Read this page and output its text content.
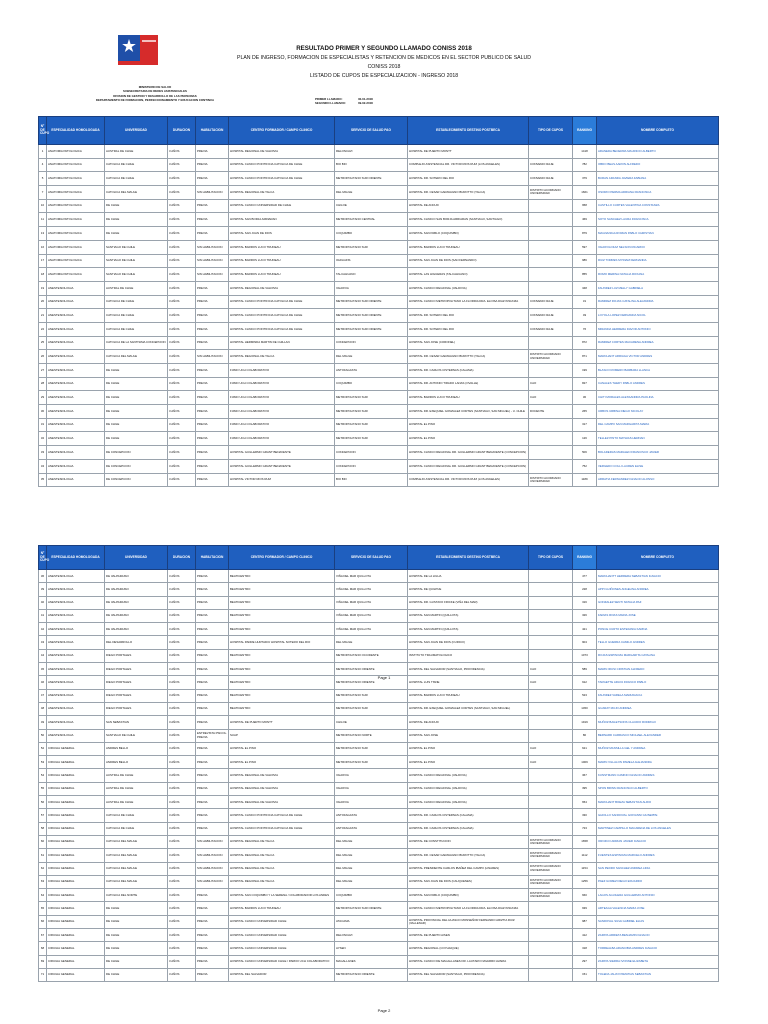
RESULTADO PRIMER Y SEGUNDO LLAMADO CONISS 2018
PLAN DE INGRESO, FORMACION DE ESPECIALISTAS Y RETENCION DE MEDICOS EN EL SECTOR PUBLICO DE SALUD
CONISS 2018
LISTADO DE CUPOS DE ESPECIALIZACION - INGRESO 2018
MINISTERIO DE SALUD
SUBSECRETARIA DE REDES ASISTENCIALES
DIVISION DE GESTION Y DESARROLLO DE LAS PERSONAS
DEPARTAMENTO DE FORMACION, PERFECCIONAMIENTO Y EDUCACION CONTINUA	PRIMER LLAMADO:	30-01-2018
SEGUNDO LLAMADO:	09-02-2018
N° DE CUPO	ESPECIALIDAD HOMOLOGADA	UNIVERSIDAD	DURACION	HABILITACION	CENTRO FORMADOR / CAMPO CLINICO	SERVICIO DE SALUD PAO	ESTABLECIMIENTO DESTINO POSTBECA	TIPO DE CUPOS	RANKING	NOMBRE COMPLETO
1	ANATOMIA PATOLOGICA	AUSTRAL DE CHILE	3 AÑOS	PREVIA	HOSPITAL REGIONAL DE VALDIVIA	RELONCAVI	HOSPITAL DE PUERTO MONTT		1418	ARANEDA BECERRA MAURICIO ALBERTO
4	ANATOMIA PATOLOGICA	CATOLICA DE CHILE	3 AÑOS	PREVIA	HOSPITAL CLINICO PONTIFICIA CATOLICA DE CHILE	BIO BIO	COMPLEJO ASISTENCIAL DR. VICTOR RIOS RUIZ (LOS ANGELES)	CONVENIO RAJE	782	OBDO BEAS AARON ALFREDO
5	ANATOMIA PATOLOGICA	CATOLICA DE CHILE	3 AÑOS	PREVIA	HOSPITAL CLINICO PONTIFICIA CATOLICA DE CHILE	METROPOLITANO SUR ORIENTE	HOSPITAL DR. SOTERO DEL RIO	CONVENIO RAJE	379	BURAN ARANDA JAVIERA FABIANA
7	ANATOMIA PATOLOGICA	CATOLICA DEL MAULE	3 AÑOS	SIN HABILITACION	HOSPITAL REGIONAL DE TALCA	DEL MAULE	HOSPITAL DR. CESAR GARAVAGNO BUROTTO (TALCA)	DISTRITO ACORDADO UNIVERSIDAD	1661	OSORIO PERMA ADRIANA FRANCISCA
10	ANATOMIA PATOLOGICA	DE CHILE	3 AÑOS	PREVIA	HOSPITAL CLINICO UNIVERSIDAD DE CHILE	CHILOE	HOSPITAL DE ANCUD		958	CASTILLO CURTES VALENTINA CONSTANZA
11	ANATOMIA PATOLOGICA	DE CHILE	3 AÑOS	PREVIA	HOSPITAL SAN BORJA ARRIARAN	METROPOLITANO CENTRAL	HOSPITAL CLINICO SAN BORJA ARRIARAN (SANTIAGO, SANTIAGO)		469	SOTO SANCHEZ LAURA FRANCISCA
13	ANATOMIA PATOLOGICA	DE CHILE	3 AÑOS	PREVIA	HOSPITAL SAN JUAN DE DIOS	COQUIMBO	HOSPITAL SAN PABLO (COQUIMBO)		879	MAGNANIGA ROMAN PABLO CHRISTIAN
16	ANATOMIA PATOLOGICA	SANTIAGO DE CHILE	3 AÑOS	SIN HABILITACION	HOSPITAL BARROS LUCO TRUDEAU	METROPOLITANO SUR	HOSPITAL BARROS LUCO TRUDEAU		597	VALDIVIA DIAZ NELSON RICARDO
17	ANATOMIA PATOLOGICA	SANTIAGO DE CHILE	3 AÑOS	SIN HABILITACION	HOSPITAL BARROS LUCO TRUDEAU	OHIGGINS	HOSPITAL SAN JUAN DE DIOS (SAN FERNANDO)		986	RUIZ TORRES MYRIAM FERNANDA
18	ANATOMIA PATOLOGICA	SANTIAGO DE CHILE	3 AÑOS	SIN HABILITACION	HOSPITAL BARROS LUCO TRUDEAU	TALCAHUANO	HOSPITAL LAS HIGUERAS (TALCAHUANO)		855	ROMO MERINA NATALIA ROXANA
19	ANESTESIOLOGIA	AUSTRAL DE CHILE	3 AÑOS	PREVIA	HOSPITAL REGIONAL DE VALDIVIA	VALDIVIA	HOSPITAL CLINICO REGIONAL (VALDIVIA)		348	FAUNDEZ LUZ MELLY GABRIELA
20	ANESTESIOLOGIA	CATOLICA DE CHILE	3 AÑOS	PREVIA	HOSPITAL CLINICO PONTIFICIA CATOLICA DE CHILE	METROPOLITANO SUR ORIENTE	HOSPITAL CLINICO METROPOLITANO LA FLORIDA DRA. ELOISA DIAZ INSUNZA	CONVENIO RAJE	31	RAMIREZ ROJAS CATALINA ALEJANDRA
21	ANESTESIOLOGIA	CATOLICA DE CHILE	3 AÑOS	PREVIA	HOSPITAL CLINICO PONTIFICIA CATOLICA DE CHILE	METROPOLITANO SUR ORIENTE	HOSPITAL DR. SOTERO DEL RIO	CONVENIO RAJE	49	LOYOLA LOPEZ FERNANDA NICOL
22	ANESTESIOLOGIA	CATOLICA DE CHILE	3 AÑOS	PREVIA	HOSPITAL CLINICO PONTIFICIA CATOLICA DE CHILE	METROPOLITANO SUR ORIENTE	HOSPITAL DR. SOTERO DEL RIO	CONVENIO RAJE	76	MIRANDA HERRERA DAVOR ANTONIO
25	ANESTESIOLOGIA	CATOLICA DE LA SANTISIMA CONCEPCION	3 AÑOS	PREVIA	HOSPITAL HERMINDA MARTIN DE CHILLAN	CONCEPCION	HOSPITAL SAN JOSE (CORONEL)		872	RAMIREZ CORTES MACARENA ANDREA
26	ANESTESIOLOGIA	CATOLICA DEL MAULE	3 AÑOS	SIN HABILITACION	HOSPITAL REGIONAL DE TALCA	DEL MAULE	HOSPITAL DR. CESAR GARAVAGNO BUROTTO (TALCA)	DISTRITO ACORDADO UNIVERSIDAD	871	MARCHANT ARRIAGA VICTOR ANDRES
27	ANESTESIOLOGIA	DE CHILE	3 AÑOS	PREVIA	FIJMO UCH COLABORATIVO	ANTOFAGASTA	HOSPITAL DR. CARLOS CISTERNAS (CALAMA)		199	BLASCO ROMERO BARBARA LLANCA
28	ANESTESIOLOGIA	DE CHILE	3 AÑOS	PREVIA	FIJMO UCH COLABORATIVO	COQUIMBO	HOSPITAL DR. ANTONIO TIRADO LANAS (OVALLE)	CAO	827	CANALES THEDY PABLO ANDRES
29	ANESTESIOLOGIA	DE CHILE	3 AÑOS	PREVIA	FIJMO UCH COLABORATIVO	METROPOLITANO SUR	HOSPITAL BARROS LUCO TRUDEAU	CAO	30	CHITI MORALES ALESSANDRA PAOLINA
30	ANESTESIOLOGIA	DE CHILE	3 AÑOS	PREVIA	FIJMO UCH COLABORATIVO	METROPOLITANO SUR	HOSPITAL DR. EXEQUIEL GONZALEZ CORTES (SANTIAGO, SAN MIGUEL) - U. CHILE	DOCENTE	265	URBOS URBINA DIEGO NICOLAY
31	ANESTESIOLOGIA	DE CHILE	3 AÑOS	PREVIA	FIJMO UCH COLABORATIVO	METROPOLITANO SUR	HOSPITAL EL PINO		317	DEL CAMPO SAN MARGARITA MARIA
32	ANESTESIOLOGIA	DE CHILE	3 AÑOS	PREVIA	FIJMO UCH COLABORATIVO	METROPOLITANO SUR	HOSPITAL EL PINO		126	TELLEZ PINTO MATHIAS HERNAN
33	ANESTESIOLOGIA	DE CONCEPCION	3 AÑOS	PREVIA	HOSPITAL GUILLERMO GRANT BENAVENTE	CONCEPCION	HOSPITAL CLINICO REGIONAL DR. GUILLERMO GRANT BENAVENTE (CONCEPCION)		506	BOLADERAS MARALEN FRANCISCO JAVIER
34	ANESTESIOLOGIA	DE CONCEPCION	3 AÑOS	PREVIA	HOSPITAL GUILLERMO GRANT BENAVENTE	CONCEPCION	HOSPITAL CLINICO REGIONAL DR. GUILLERMO GRANT BENAVENTE (CONCEPCION)		752	VERGEDO COLLI LAUREN ELISE
35	ANESTESIOLOGIA	DE CONCEPCION	3 AÑOS	PREVIA	HOSPITAL VICTOR RIOS RUIZ	BIO BIO	COMPLEJO ASISTENCIAL DR. VICTOR RIOS RUIZ (LOS ANGELES)	DISTRITO ACORDADO UNIVERSIDAD	1189	ARRATIA FERNANDEZ IGNACIO ALONSO
Page 1
N° DE CUPO	ESPECIALIDAD HOMOLOGADA	UNIVERSIDAD	DURACION	HABILITACION	CENTRO FORMADOR / CAMPO CLINICO	SERVICIO DE SALUD PAO	ESTABLECIMIENTO DESTINO POSTBECA	TIPO DE CUPOS	RANKING	NOMBRE COMPLETO
36	ANESTESIOLOGIA	DE VALPARAISO	3 AÑOS	PREVIA	BEATICENTRO	VIÑA DEL MAR QUILLOTA	HOSPITAL DE LA LIGUA		477	MARCHANTT HERRERA SEBASTIAN IGNACIO
39	ANESTESIOLOGIA	DE VALPARAISO	3 AÑOS	PREVIA	BEATICENTRO	VIÑA DEL MAR QUILLOTA	HOSPITAL DE QUILPUE		228	APPI GUIÑONES ANGELINA ANDREA
40	ANESTESIOLOGIA	DE VALPARAISO	3 AÑOS	PREVIA	BEATICENTRO	VIÑA DEL MAR QUILLOTA	HOSPITAL DR. GUSTAVO FRICKE (VIÑA DEL MAR)		316	GONZALEZ SENTI NATALIA PAZ
41	ANESTESIOLOGIA	DE VALPARAISO	3 AÑOS	PREVIA	BEATICENTRO	VIÑA DEL MAR QUILLOTA	HOSPITAL SAN MARTIN (QUILLOTA)		326	FARIAS RIVAS MARIA JOSE
42	ANESTESIOLOGIA	DE VALPARAISO	3 AÑOS	PREVIA	BEATICENTRO	VIÑA DEL MAR QUILLOTA	HOSPITAL SAN MARTIN (QUILLOTA)		421	PONCE CURTO ESTEFANIA KARINA
43	ANESTESIOLOGIA	DEL DESARROLLO	3 AÑOS	PREVIA	HOSPITAL PADRE HURTADO/ HOSPITAL SOTERO DEL RIO	DEL MAULE	HOSPITAL SAN JUAN DE DIOS (CURICO)		904	TELLO GUERRA CAMILO ANDRES
44	ANESTESIOLOGIA	DIEGO PORTALES	3 AÑOS	PREVIA	BEATICENTRO	METROPOLITANO OCCIDENTE	INSTITUTO TRAUMATOLOGICO		1073	ROJAS ESPINOZA MARGARITA CATALINA
45	ANESTESIOLOGIA	DIEGO PORTALES	3 AÑOS	PREVIA	BEATICENTRO	METROPOLITANO ORIENTE	HOSPITAL DEL SALVADOR (SANTIAGO, PROVIDENCIA)	CAO	589	MARIN IRUSI CRISTIAN ALFREDO
46	ANESTESIOLOGIA	DIEGO PORTALES	3 AÑOS	PREVIA	BEATICENTRO	METROPOLITANO ORIENTE	HOSPITAL LUIS TISNE	CAO	912	TARGETTE ARAYA FRANCO PABLO
47	ANESTESIOLOGIA	DIEGO PORTALES	3 AÑOS	PREVIA	BEATICENTRO	METROPOLITANO SUR	HOSPITAL BARROS LUCO TRUDEAU		523	FAUNDEZ VARELA MARIANACIA
48	ANESTESIOLOGIA	DIEGO PORTALES	3 AÑOS	PREVIA	BEATICENTRO	METROPOLITANO SUR	HOSPITAL DR. EXEQUIEL GONZALEZ CORTES (SANTIAGO, SAN MIGUEL)		1450	GUARAT MUJO ANDREA
49	ANESTESIOLOGIA	SAN SEBASTIAN	3 AÑOS	PREVIA	HOSPITAL DE PUERTO MONTT	CHILOE	HOSPITAL DE ANCUD		1919	MUÑOZ BAILETSONS CLAUDIO RODRIGO
50	ANESTESIOLOGIA	SANTIAGO DE CHILE	3 AÑOS	ENTREVISTA PSICOL. PREVIA	SUAP	METROPOLITANO NORTE	HOSPITAL SAN JOSE		80	BERNARD CARRASCO MICHAEL ALEXANDER
52	CIRUGIA GENERAL	ANDRES BELLO	3 AÑOS	PREVIA	HOSPITAL EL PINO	METROPOLITANO SUR	HOSPITAL EL PINO	CAO	621	MUÑOZ MANSILLA GEL Y ANDREA
53	CIRUGIA GENERAL	ANDRES BELLO	3 AÑOS	PREVIA	HOSPITAL EL PINO	METROPOLITANO SUR	HOSPITAL EL PINO	CAO	1009	MARIN VILLALON PAMELA ALEJANDRA
54	CIRUGIA GENERAL	AUSTRAL DE CHILE	3 AÑOS	PREVIA	HOSPITAL REGIONAL DE VALDIVIA	VALDIVIA	HOSPITAL CLINICO REGIONAL (VALDIVIA)		367	KUNSTMANN CAMINO IGNACIO ANDRES
55	CIRUGIA GENERAL	AUSTRAL DE CHILE	3 AÑOS	PREVIA	HOSPITAL REGIONAL DE VALDIVIA	VALDIVIA	HOSPITAL CLINICO REGIONAL (VALDIVIA)		395	SPON BRINS FRANCISCO ALBERTO
56	CIRUGIA GENERAL	AUSTRAL DE CHILE	3 AÑOS	PREVIA	HOSPITAL REGIONAL DE VALDIVIA	VALDIVIA	HOSPITAL CLINICO REGIONAL (VALDIVIA)		654	MARCHANT BOEZA SEBASTIAN ALRIO
57	CIRUGIA GENERAL	CATOLICA DE CHILE	3 AÑOS	PREVIA	HOSPITAL CLINICO PONTIFICIA CATOLICA DE CHILE	ANTOFAGASTA	HOSPITAL DR. CARLOS CISTERNAS (CALAMA)		330	GHIOLLO SANDOVAL GIOVANNI GIUSEPPE
58	CIRUGIA GENERAL	CATOLICA DE CHILE	3 AÑOS	PREVIA	HOSPITAL CLINICO PONTIFICIA CATOLICA DE CHILE	ANTOFAGASTA	HOSPITAL DR. CARLOS CISTERNAS (CALAMA)		723	MARTINEZ CAMPILLO MACARENA DE LOS ANGELES
60	CIRUGIA GENERAL	CATOLICA DEL MAULE	3 AÑOS	SIN HABILITACION	HOSPITAL REGIONAL DE TALCA	DEL MAULE	HOSPITAL DE CONSTITUCION	DISTRITO ACORDADO UNIVERSIDAD	1658	OROZCO ADRIAN JAVIER IGNACIO
61	CIRUGIA GENERAL	CATOLICA DEL MAULE	3 AÑOS	SIN HABILITACION	HOSPITAL REGIONAL DE TALCA	DEL MAULE	HOSPITAL DR. CESAR GARAVAGNO BUROTTO (TALCA)	DISTRITO ACORDADO UNIVERSIDAD	1112	FUENTES ESPINOZA MARCELO ANDRES
62	CIRUGIA GENERAL	CATOLICA DEL MAULE	3 AÑOS	SIN HABILITACION	HOSPITAL REGIONAL DE TALCA	DEL MAULE	HOSPITAL PRESIDENTE CARLOS IBAÑEZ DEL CAMPO (LINARES)	DISTRITO ACORDADO UNIVERSIDAD	1154	SAN PEDRO SANCHEZ ANDREA LIDIA
63	CIRUGIA GENERAL	CATOLICA DEL MAULE	3 AÑOS	SIN HABILITACION	HOSPITAL REGIONAL DE TALCA	DEL MAULE	HOSPITAL SAN JUAN DE DIOS (CAUQUENES)	DISTRITO ACORDADO UNIVERSIDAD	1256	PAEZ GOMEZ DIEGO EDUARDO
64	CIRUGIA GENERAL	CATOLICA DEL NORTE	3 AÑOS	PREVIA	HOSPITAL SAN COQUIMBO Y LA SERENA / COLABORADOR LOS ANDES	COQUIMBO	HOSPITAL SAN PABLO (COQUIMBO)	DISTRITO ACORDADO UNIVERSIDAD	660	LAGOS AGUILERA GUILLERMO ANTONIO
65	CIRUGIA GENERAL	DE CHILE	3 AÑOS	PREVIA	HOSPITAL BARROS LUCO TRUDEAU	METROPOLITANO SUR ORIENTE	HOSPITAL CLINICO METROPOLITANO LA FLORIDA DRA. ELOISA DIAZ INSUNZA		939	ARTEAGA VALENCIA MARIA JOSE
66	CIRUGIA GENERAL	DE CHILE	3 AÑOS	PREVIA	HOSPITAL CLINICO UNIVERSIDAD CHILE	ATACAMA	HOSPITAL PROVINCIAL DEL HUASCO MONSEÑOR FERNANDO ARIZTIA RUIZ (VALLENAR)		987	SANDOVAL SILVA GABRIEL ELIAS
67	CIRUGIA GENERAL	DE CHILE	3 AÑOS	PREVIA	HOSPITAL CLINICO UNIVERSIDAD CHILE	RELONCAVI	HOSPITAL DE PUERTO AISEN		412	ZAPATA ARRIETA BENJAMIN IGNACIO
68	CIRUGIA GENERAL	DE CHILE	3 AÑOS	PREVIA	HOSPITAL CLINICO UNIVERSIDAD CHILE	AYSEN	HOSPITAL REGIONAL (COYHAIQUE)		318	TORREALBA ARANCIBIA ANDRES IGNACIO
69	CIRUGIA GENERAL	DE CHILE	3 AÑOS	PREVIA	HOSPITAL CLINICO UNIVERSIDAD CHILE / PARDO UCH COLABORATIVO	MAGALLANES	HOSPITAL CLINICO DE MAGALLANES DR. LAUTARO NAVARRO AVARIA		297	ZAPATA SIERRA IVONNE ELIZABETH
71	CIRUGIA GENERAL	DE CHILE	3 AÑOS	PREVIA	HOSPITAL DEL SALVADOR	METROPOLITANO ORIENTE	HOSPITAL DEL SALVADOR (SANTIAGO, PROVIDENCIA)		151	TOLEDA JAUAYOSMATIAS SEBASTIAN
Page 2
